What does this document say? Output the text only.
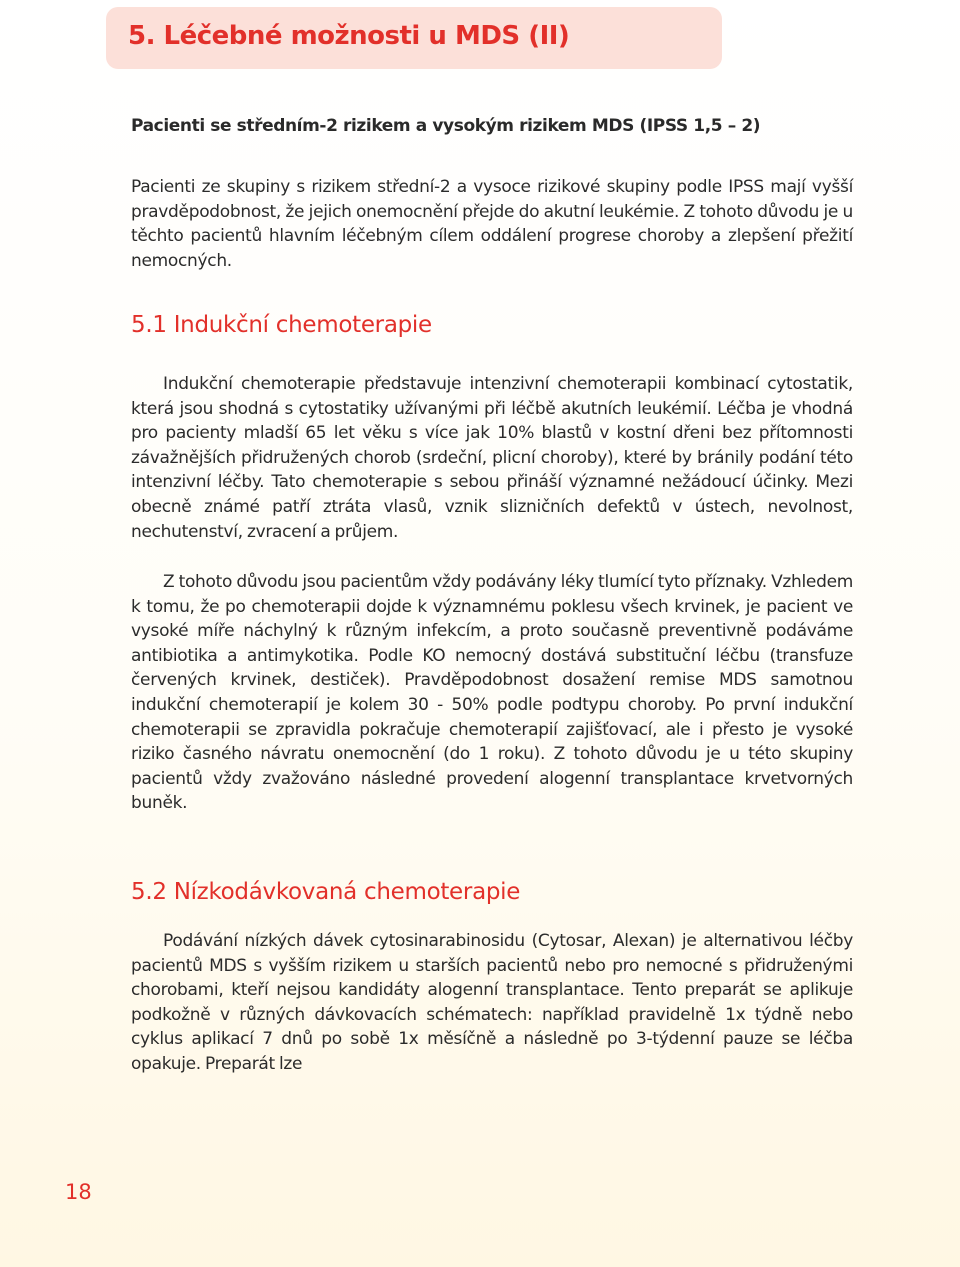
5. Léčebné možnosti u MDS (II)

Pacienti se středním-2 rizikem a vysokým rizikem MDS (IPSS 1,5 – 2)

Pacienti ze skupiny s rizikem střední-2 a vysoce rizikové skupiny podle IPSS mají vyšší pravděpodobnost, že jejich onemocnění přejde do akutní leukémie. Z tohoto důvodu je u těchto pacientů hlavním léčebným cílem oddálení progrese choroby a zlepšení přežití nemocných.

5.1 Indukční chemoterapie

Indukční chemoterapie představuje intenzivní chemoterapii kombinací cytostatik, která jsou shodná s cytostatiky užívanými při léčbě akutních leukémií. Léčba je vhodná pro pacienty mladší 65 let věku s více jak 10% blastů v kostní dřeni bez přítomnosti závažnějších přidružených chorob (srdeční, plicní choroby), které by bránily podání této intenzivní léčby. Tato chemoterapie s sebou přináší významné nežádoucí účinky. Mezi obecně známé patří ztráta vlasů, vznik slizničních defektů v ústech, nevolnost, nechutenství, zvracení a průjem.

Z tohoto důvodu jsou pacientům vždy podávány léky tlumící tyto příznaky. Vzhledem k tomu, že po chemoterapii dojde k významnému poklesu všech krvinek, je pacient ve vysoké míře náchylný k různým infekcím, a proto současně preventivně podáváme antibiotika a antimykotika. Podle KO nemocný dostává substituční léčbu (transfuze červených krvinek, destiček). Pravděpodobnost dosažení remise MDS samotnou indukční chemoterapií je kolem 30 - 50% podle podtypu choroby. Po první indukční chemoterapii se zpravidla pokračuje chemoterapií zajišťovací, ale i přesto je vysoké riziko časného návratu onemocnění (do 1 roku). Z tohoto důvodu je u této skupiny pacientů vždy zvažováno následné provedení alogenní transplantace krvetvorných buněk.

5.2 Nízkodávkovaná chemoterapie

Podávání nízkých dávek cytosinarabinosidu (Cytosar, Alexan) je alternativou léčby pacientů MDS s vyšším rizikem u starších pacientů nebo pro nemocné s přidruženými chorobami, kteří nejsou kandidáty alogenní transplantace. Tento preparát se aplikuje podkožně v různých dávkovacích schématech: například pravidelně 1x týdně nebo cyklus aplikací 7 dnů po sobě 1x měsíčně a následně po 3-týdenní pauze se léčba opakuje. Preparát lze

18
